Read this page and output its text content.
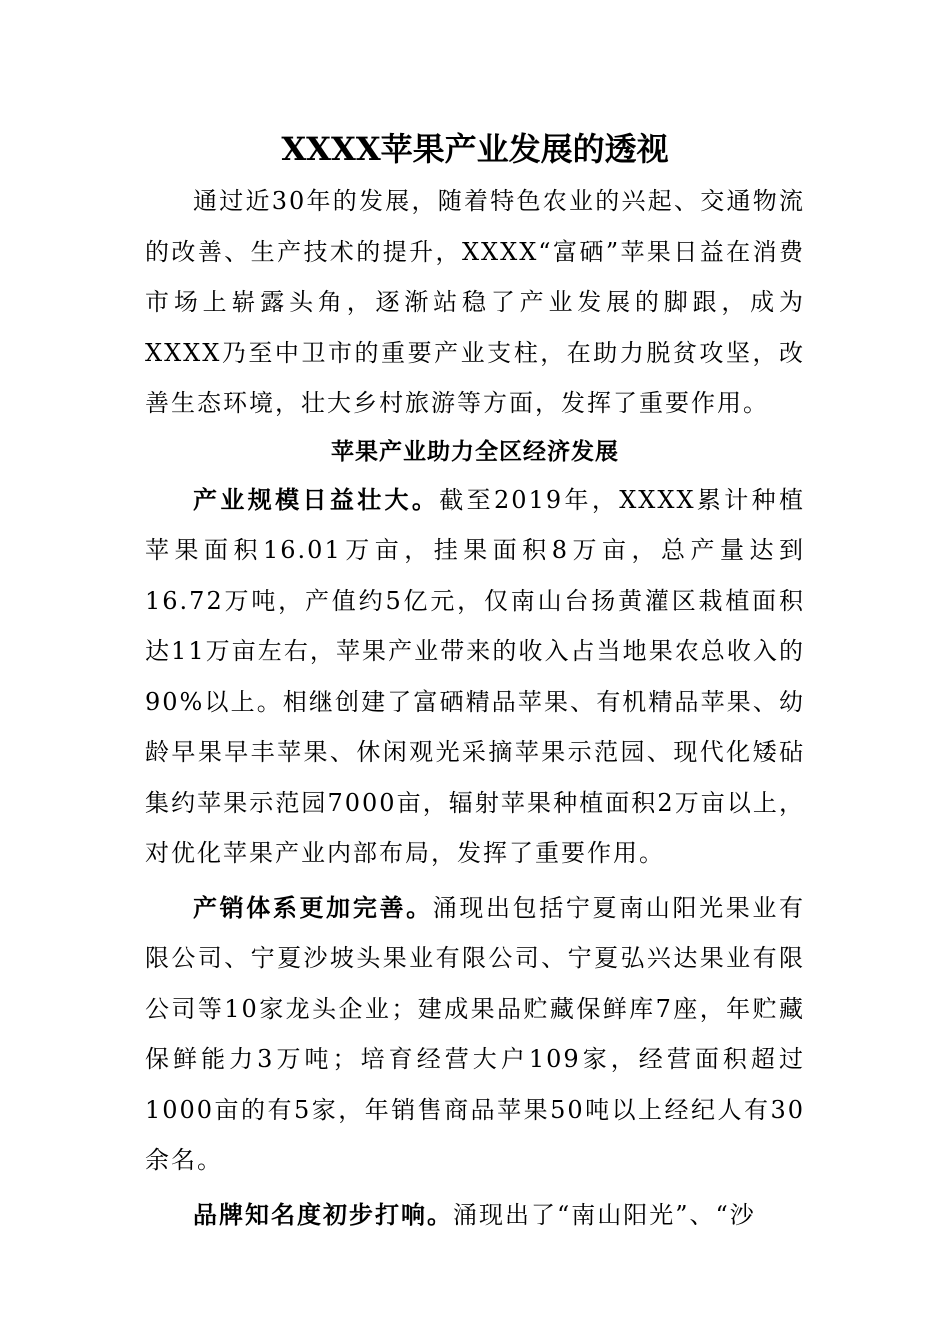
XXXX苹果产业发展的透视

通过近30年的发展，随着特色农业的兴起、交通物流的改善、生产技术的提升，XXXX“富硒”苹果日益在消费市场上崭露头角，逐渐站稳了产业发展的脚跟，成为XXXX乃至中卫市的重要产业支柱，在助力脱贫攻坚，改善生态环境，壮大乡村旅游等方面，发挥了重要作用。

苹果产业助力全区经济发展

产业规模日益壮大。截至2019年，XXXX累计种植苹果面积16.01万亩，挂果面积8万亩，总产量达到16.72万吨，产值约5亿元，仅南山台扬黄灌区栽植面积达11万亩左右，苹果产业带来的收入占当地果农总收入的90%以上。相继创建了富硒精品苹果、有机精品苹果、幼龄早果早丰苹果、休闲观光采摘苹果示范园、现代化矮砧集约苹果示范园7000亩，辐射苹果种植面积2万亩以上，对优化苹果产业内部布局，发挥了重要作用。

产销体系更加完善。涌现出包括宁夏南山阳光果业有限公司、宁夏沙坡头果业有限公司、宁夏弘兴达果业有限公司等10家龙头企业；建成果品贮藏保鲜库7座，年贮藏保鲜能力3万吨；培育经营大户109家，经营面积超过1000亩的有5家，年销售商品苹果50吨以上经纪人有30余名。

品牌知名度初步打响。涌现出了“南山阳光”、“沙
